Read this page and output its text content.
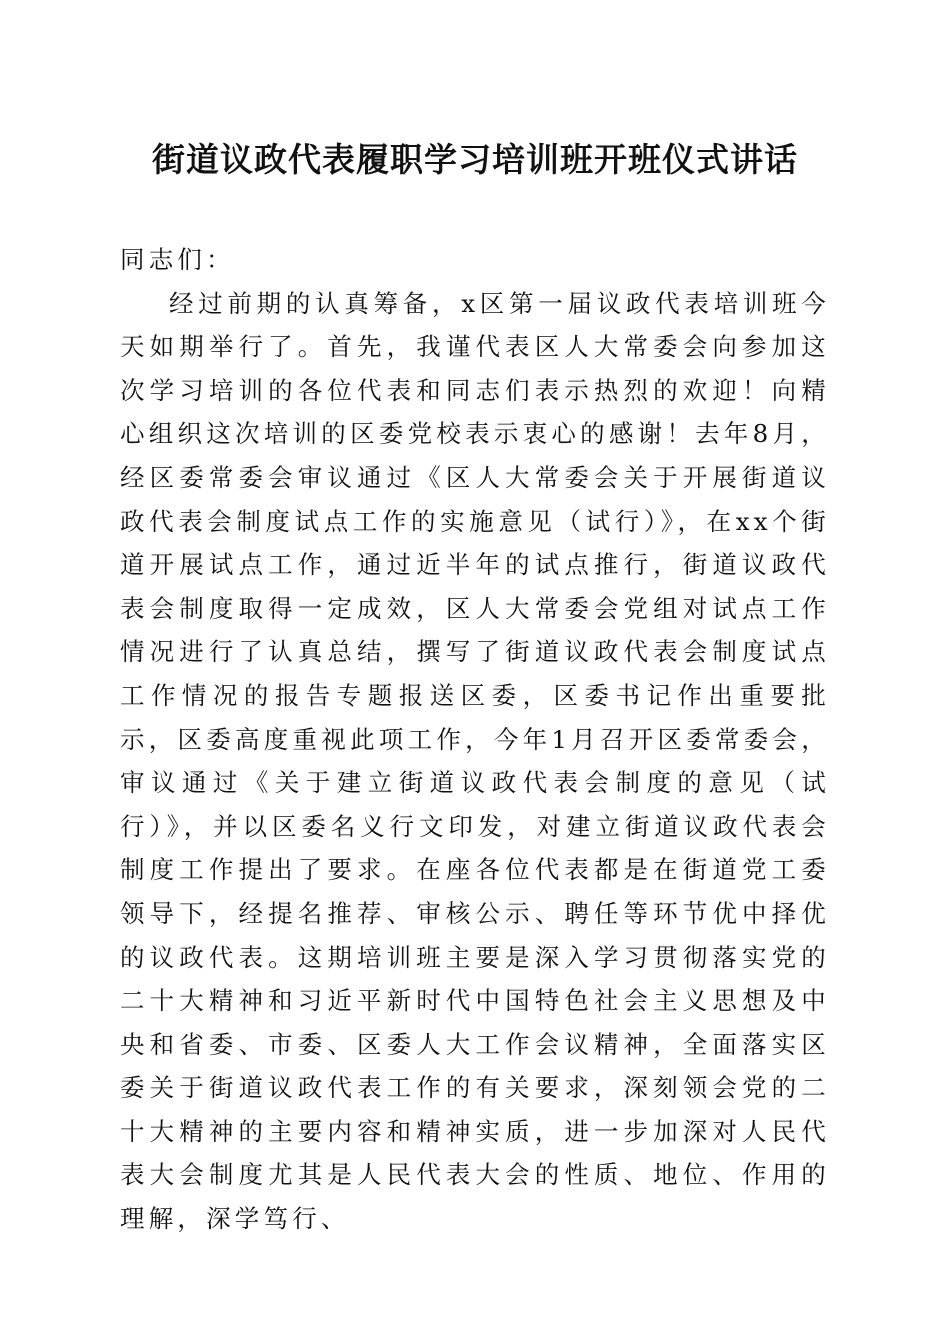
街道议政代表履职学习培训班开班仪式讲话

同志们：

经过前期的认真筹备，x区第一届议政代表培训班今天如期举行了。首先，我谨代表区人大常委会向参加这次学习培训的各位代表和同志们表示热烈的欢迎！向精心组织这次培训的区委党校表示衷心的感谢！去年8月，经区委常委会审议通过《区人大常委会关于开展街道议政代表会制度试点工作的实施意见（试行）》，在xx个街道开展试点工作，通过近半年的试点推行，街道议政代表会制度取得一定成效，区人大常委会党组对试点工作情况进行了认真总结，撰写了街道议政代表会制度试点工作情况的报告专题报送区委，区委书记作出重要批示，区委高度重视此项工作，今年1月召开区委常委会，审议通过《关于建立街道议政代表会制度的意见（试行）》，并以区委名义行文印发，对建立街道议政代表会制度工作提出了要求。在座各位代表都是在街道党工委领导下，经提名推荐、审核公示、聘任等环节优中择优的议政代表。这期培训班主要是深入学习贯彻落实党的二十大精神和习近平新时代中国特色社会主义思想及中央和省委、市委、区委人大工作会议精神，全面落实区委关于街道议政代表工作的有关要求，深刻领会党的二十大精神的主要内容和精神实质，进一步加深对人民代表大会制度尤其是人民代表大会的性质、地位、作用的理解，深学笃行、
